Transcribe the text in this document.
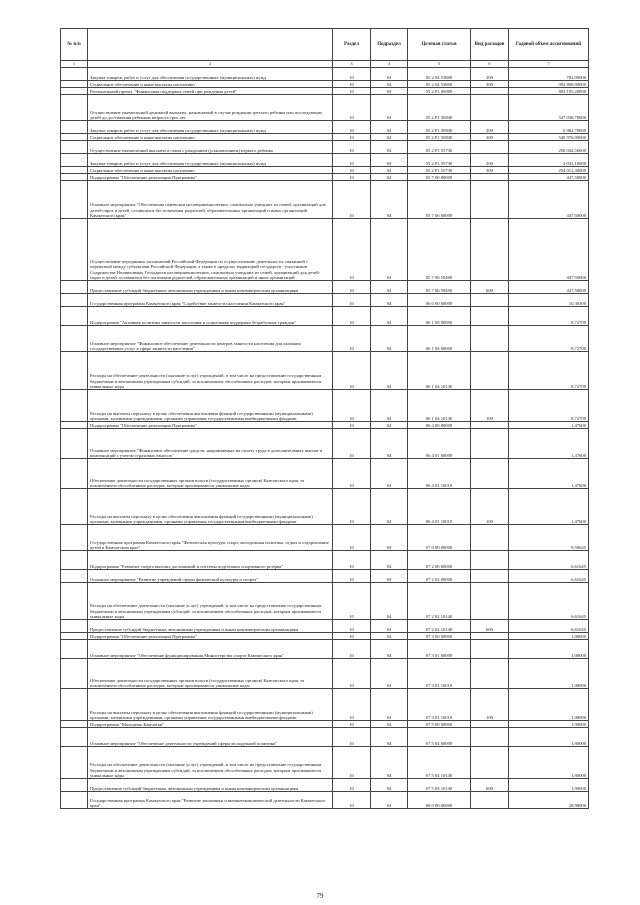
№ п/п		Раздел	Подраздел	Целевая статья	Вид расходов	Годовой объем ассигнований
1	2	3	4	5	6	7
	Закупка товаров, работ и услуг для обеспечения государственных (муниципальных) нужд	10	04	05 2 04 53800	200	782,00000
	Социальное обеспечение и иные выплаты населению	10	04	05 2 04 53800	300	392 800,00000
	Региональный проект "Финансовая поддержка семей при рождении детей"	10	04	05 2 P1 00000		803 105,20000
	Осуществление ежемесячной денежной выплаты, назначаемой в случае рождения третьего ребенка или последующих детей до достижения ребенком возраста трех лет	10	04	05 2 P1 50840		547 036,70000
	Закупка товаров, работ и услуг для обеспечения государственных (муниципальных) нужд	10	04	05 2 P1 50840	200	6 082,70000
	Социальное обеспечение и иные выплаты населению	10	04	05 2 P1 50840	300	540 976,00000
	Осуществление ежемесячной выплаты в связи с рождением (усыновлением) первого ребенка	10	04	05 2 P1 55730		256 044,50000
	Закупка товаров, работ и услуг для обеспечения государственных (муниципальных) нужд	10	04	05 2 P1 55730	200	2 032,10000
	Социальное обеспечение и иные выплаты населению	10	04	05 2 P1 55730	300	254 012,40000
	Подпрограмма "Обеспечение реализации Программы"	10	04	05 7 00 00000		447,50000
	Основное мероприятие "Обеспечение перевозки несовершеннолетних, самовольно ушедших из семей, организаций для детей-сирот и детей, оставшихся без попечения родителей, образовательных организаций и иных организаций Камчатского края"	10	04	05 7 06 00000		447,50000
	Осуществление переданных полномочий Российской Федерации по осуществлению деятельности, связанной с перевозкой между субъектами Российской Федерации, а также в пределах территорий государств - участников Содружества Независимых Государств несовершеннолетних, самовольно ушедших из семей, организаций для детей-сирот и детей, оставшихся без попечения родителей, образовательных организаций и иных организаций	10	04	05 7 06 59400		447,50000
	Предоставление субсидий бюджетным, автономным учреждениям и иным некоммерческим организациям	10	04	05 7 06 59400	600	447,50000
	Государственная программа Камчатского края "Содействие занятости населения Камчатского края"	10	04	06 0 00 00000		10,30300
	Подпрограмма "Активная политика занятости населения и социальная поддержка безработных граждан"	10	04	06 1 00 00000		8,72700
	Основное мероприятие "Финансовое обеспечение деятельности центров занятости населения для оказания государственных услуг в сфере занятости населения"	10	04	06 1 04 00000		8,72700
	Расходы на обеспечение деятельности (оказание услуг) учреждений, в том числе на предоставление государственным бюджетным и автономным учреждениям субсидий, за исключением обособленных расходов, которым присваиваются уникальные коды	10	04	06 1 04 10140		8,72700
	Расходы на выплаты персоналу в целях обеспечения выполнения функций государственными (муниципальными) органами, казенными учреждениями, органами управления государственными внебюджетными фондами	10	04	06 1 04 10140	100	8,72700
	Подпрограмма "Обеспечение реализации Программы"	10	04	06 4 00 00000		1,47600
	Основное мероприятие "Финансовое обеспечение средств, направляемых на оплату труда в дополнительных выплат и компенсаций с учетом страховых взносов"	10	04	06 4 01 00000		1,47600
	Обеспечение деятельности государственных органов власти (государственных органов) Камчатского края, за исключением обособленных расходов, которым присваиваются уникальные коды	10	04	06 4 01 10010		1,47600
	Расходы на выплаты персоналу в целях обеспечения выполнения функций государственными (муниципальными) органами, казенными учреждениями, органами управления государственными внебюджетными фондами	10	04	06 4 01 10010	100	1,47600
	Государственная программа Камчатского края "Физическая культура, спорт, молодежная политика, отдых и оздоровление детей в Камчатском крае"	10	04	07 0 00 00000		9,59645
	Подпрограмма "Развитие спорта высших достижений и системы подготовки спортивного резерва"	10	04	07 2 00 00000		6,61645
	Основное мероприятие "Развитие учреждений сферы физической культуры и спорта"	10	04	07 2 02 00000		6,61645
	Расходы на обеспечение деятельности (оказание услуг) учреждений, в том числе на предоставление государственным бюджетным и автономным учреждениям субсидий, за исключением обособленных расходов, которым присваиваются уникальные коды	10	04	07 2 02 10140		6,61645
	Предоставление субсидий бюджетным, автономным учреждениям и иным некоммерческим организациям	10	04	07 2 02 10140	600	6,61645
	Подпрограмма "Обеспечение реализации Программы"	10	04	07 3 00 00000		1,08000
	Основное мероприятие "Обеспечение функционирования Министерства спорта Камчатского края"	10	04	07 3 01 00000		1,08000
	Обеспечение деятельности государственных органов власти (государственных органов) Камчатского края, за исключением обособленных расходов, которым присваиваются уникальные коды	10	04	07 3 01 10010		1,08000
	Расходы на выплаты персоналу в целях обеспечения выполнения функций государственными (муниципальными) органами, казенными учреждениями, органами управления государственными внебюджетными фондами	10	04	07 3 01 10010	100	1,08000
	Подпрограмма "Молодежь Камчатки"	10	04	07 5 00 00000		1,90000
	Основное мероприятие "Обеспечение деятельности учреждений сферы молодежной политики"	10	04	07 5 04 00000		1,90000
	Расходы на обеспечение деятельности (оказание услуг) учреждений, в том числе на предоставление государственным бюджетным и автономным учреждениям субсидий, за исключением обособленных расходов, которым присваиваются уникальные коды	10	04	07 5 04 10140		1,90000
	Предоставление субсидий бюджетным, автономным учреждениям и иным некоммерческим организациям	10	04	07 5 04 10140	600	1,90000
	Государственная программа Камчатского края "Развитие экономики и внешнеэкономической деятельности Камчатского края"	10	04	08 0 00 00000		28,98000
79
